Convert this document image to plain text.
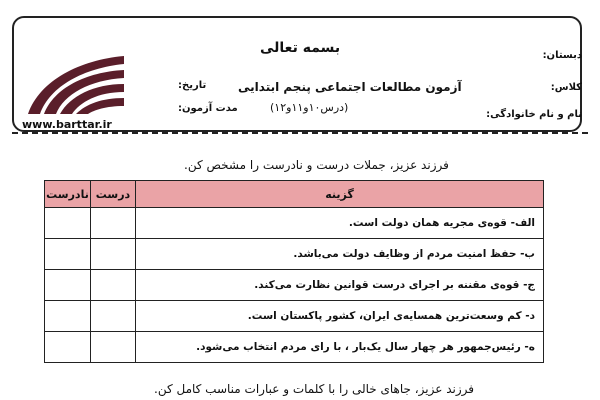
www.barttar.ir
بسمه تعالی
آزمون مطالعات اجتماعی پنجم ابتدایی
(درس۱۰و۱۱و۱۲)
دبستان:
کلاس:
نام و نام خانوادگی:
تاریخ:
مدت آزمون:
فرزند عزیز، جملات درست و نادرست را مشخص کن.
گزینه	درست	نادرست
الف- قوه‌ی مجریه همان دولت است.		
ب- حفظ امنیت مردم از وظایف دولت می‌باشد.		
ج- قوه‌ی مقننه بر اجرای درست قوانین نظارت می‌کند.		
د- کم وسعت‌ترین همسایه‌ی ایران، کشور پاکستان است.		
ه- رئیس‌جمهور هر چهار سال یک‌بار ، با رای مردم انتخاب می‌شود.		
فرزند عزیز، جاهای خالی را با کلمات و عبارات مناسب کامل کن.
